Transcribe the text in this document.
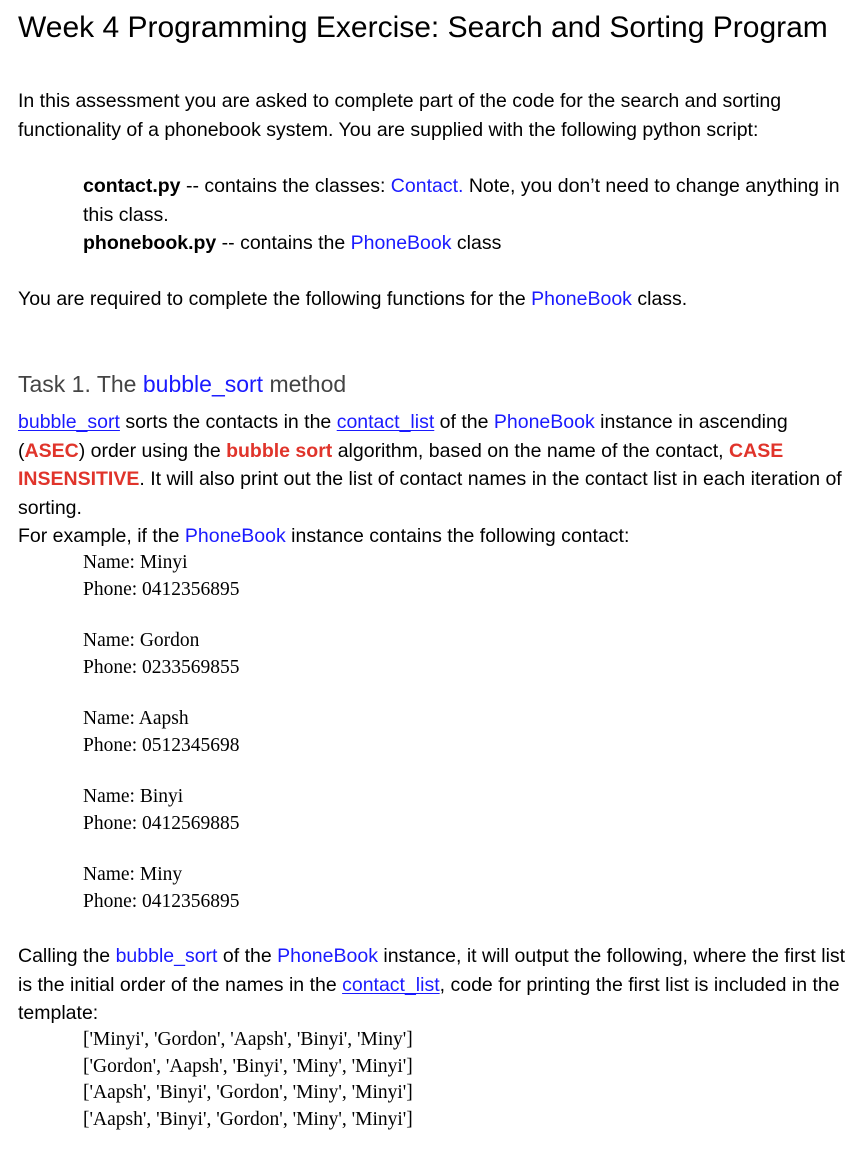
Week 4 Programming Exercise: Search and Sorting Program

In this assessment you are asked to complete part of the code for the search and sorting functionality of a phonebook system. You are supplied with the following python script:

contact.py -- contains the classes: Contact. Note, you don’t need to change anything in this class.

phonebook.py -- contains the PhoneBook class

You are required to complete the following functions for the PhoneBook class.

Task 1. The bubble_sort method

bubble_sort sorts the contacts in the contact_list of the PhoneBook instance in ascending (ASEC) order using the bubble sort algorithm, based on the name of the contact, CASE INSENSITIVE. It will also print out the list of contact names in the contact list in each iteration of sorting.

For example, if the PhoneBook instance contains the following contact:

Name: Minyi
Phone: 0412356895
Name: Gordon
Phone: 0233569855
Name: Aapsh
Phone: 0512345698
Name: Binyi
Phone: 0412569885
Name: Miny
Phone: 0412356895

Calling the bubble_sort of the PhoneBook instance, it will output the following, where the first list is the initial order of the names in the contact_list, code for printing the first list is included in the template:

['Minyi', 'Gordon', 'Aapsh', 'Binyi', 'Miny']
['Gordon', 'Aapsh', 'Binyi', 'Miny', 'Minyi']
['Aapsh', 'Binyi', 'Gordon', 'Miny', 'Minyi']
['Aapsh', 'Binyi', 'Gordon', 'Miny', 'Minyi']
